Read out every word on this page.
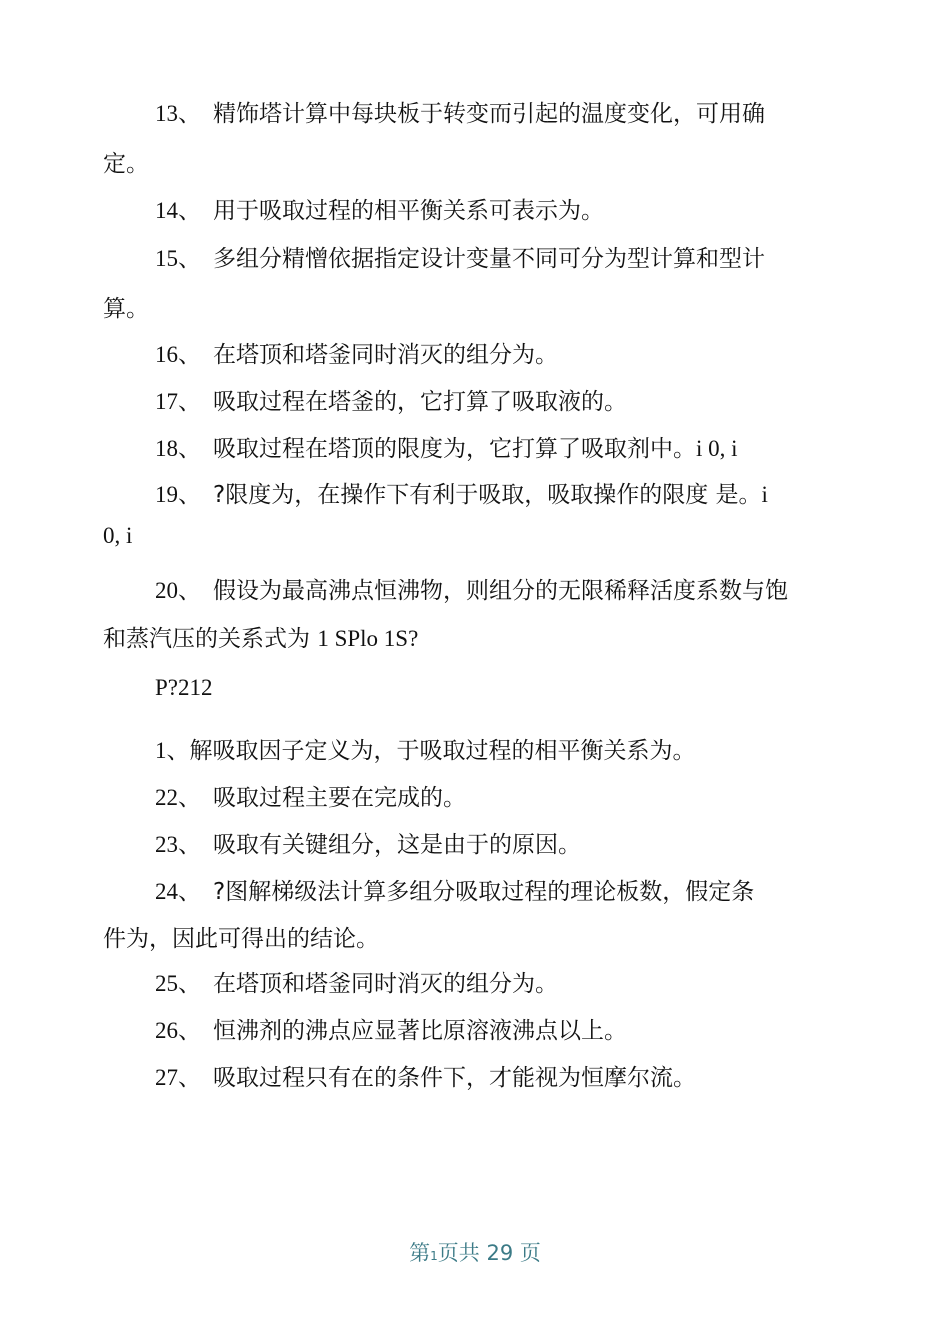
13、 精饰塔计算中每块板于转变而引起的温度变化，可用确
定。
14、 用于吸取过程的相平衡关系可表示为。
15、 多组分精憎依据指定设计变量不同可分为型计算和型计
算。
16、 在塔顶和塔釜同时消灭的组分为。
17、 吸取过程在塔釜的，它打算了吸取液的。
18、 吸取过程在塔顶的限度为，它打算了吸取剂中。i 0, i
19、 ?限度为，在操作下有利于吸取，吸取操作的限度 是。i
0, i
20、 假设为最高沸点恒沸物，则组分的无限稀释活度系数与饱
和蒸汽压的关系式为 1 SPlo 1S?
P?212
1、解吸取因子定义为，于吸取过程的相平衡关系为。
22、 吸取过程主要在完成的。
23、 吸取有关键组分，这是由于的原因。
24、 ?图解梯级法计算多组分吸取过程的理论板数，假定条
件为，因此可得出的结论。
25、 在塔顶和塔釜同时消灭的组分为。
26、 恒沸剂的沸点应显著比原溶液沸点以上。
27、 吸取过程只有在的条件下，才能视为恒摩尔流。
第1页共 29 页
